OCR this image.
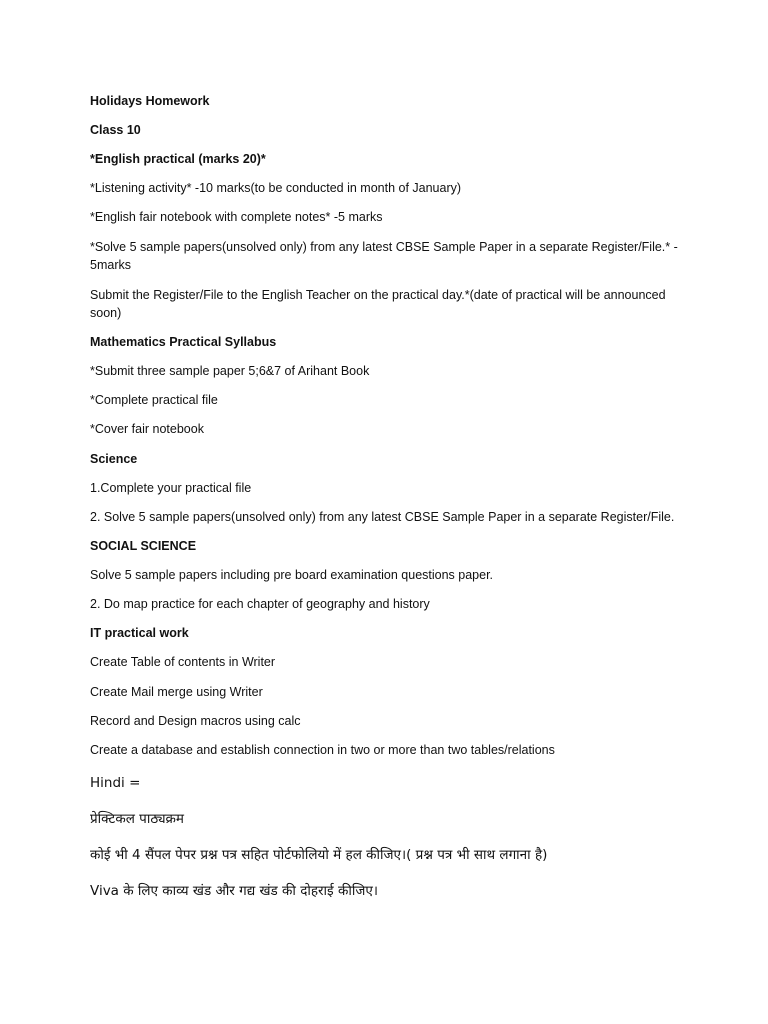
Holidays Homework

Class 10

*English practical (marks 20)*

*Listening activity* -10 marks(to be conducted in month of January)

*English fair notebook with complete notes* -5 marks

*Solve 5 sample papers(unsolved only) from any latest CBSE Sample Paper in a separate Register/File.* - 5marks

Submit the Register/File to the English Teacher on the practical day.*(date of practical will be announced soon)

Mathematics Practical Syllabus

*Submit three sample paper 5;6&7 of Arihant Book

*Complete practical file

*Cover fair notebook

Science

1.Complete your practical file

2. Solve 5 sample papers(unsolved only) from any latest CBSE Sample Paper in a separate Register/File.

SOCIAL SCIENCE

Solve 5 sample papers including pre board examination questions paper.

2. Do map practice for each chapter of geography and history

IT practical work

Create Table of contents in Writer

Create Mail merge using Writer

Record and Design macros using calc

Create a database and establish connection in two or more than two tables/relations

Hindi =

प्रेक्टिकल पाठ्यक्रम

कोई भी 4 सैंपल पेपर प्रश्न पत्र सहित पोर्टफोलियो में हल कीजिए।( प्रश्न पत्र भी साथ लगाना है)

Viva के लिए काव्य खंड और गद्य खंड की दोहराई कीजिए।
